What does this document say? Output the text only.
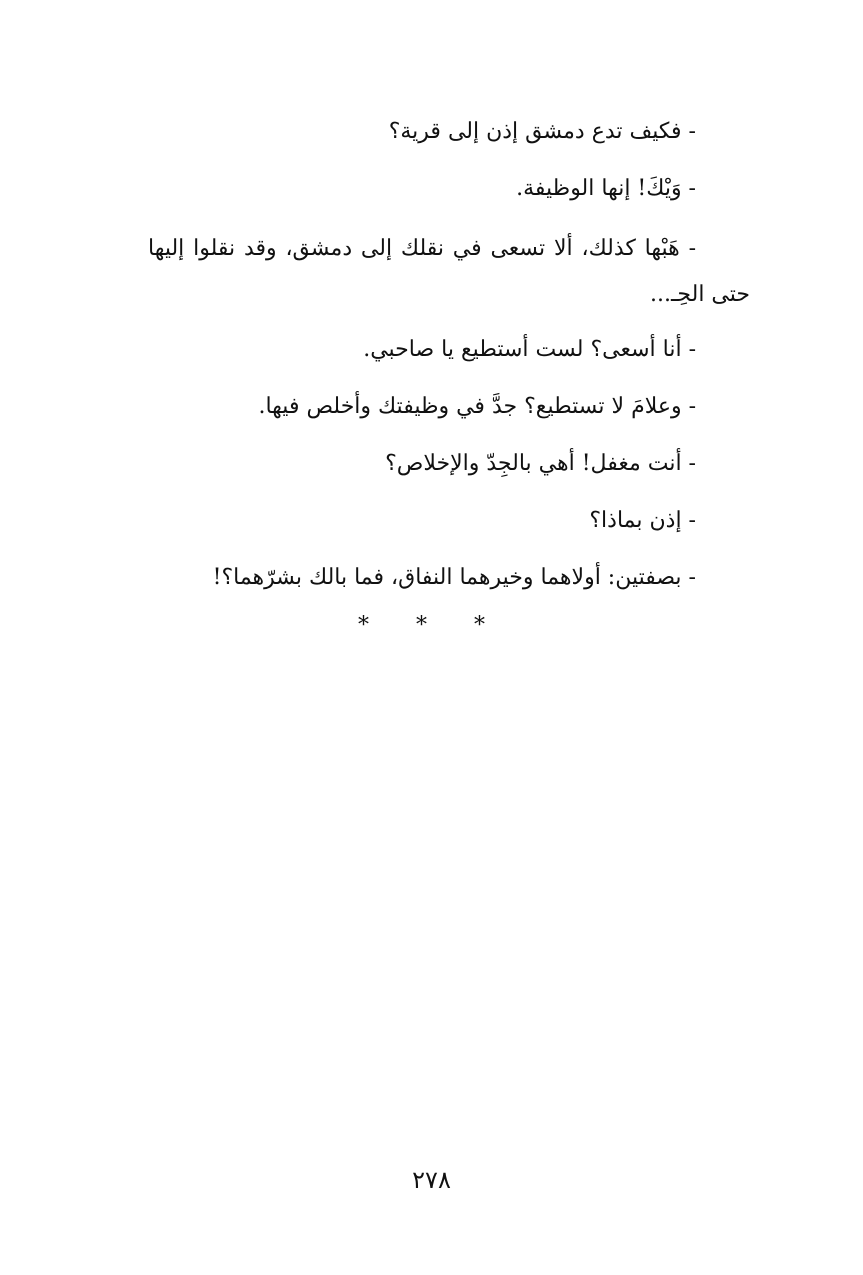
- فكيف تدع دمشق إذن إلى قرية؟
- وَيْكَ! إنها الوظيفة.
- هَبْها كذلك، ألا تسعى في نقلك إلى دمشق، وقد نقلوا إليها حتى الحِـ...
- أنا أسعى؟ لست أستطيع يا صاحبي.
- وعلامَ لا تستطيع؟ جدَّ في وظيفتك وأخلص فيها.
- أنت مغفل! أهي بالجِدّ والإخلاص؟
- إذن بماذا؟
- بصفتين: أولاهما وخيرهما النفاق، فما بالك بشرّهما؟!
* * *
٢٧٨
